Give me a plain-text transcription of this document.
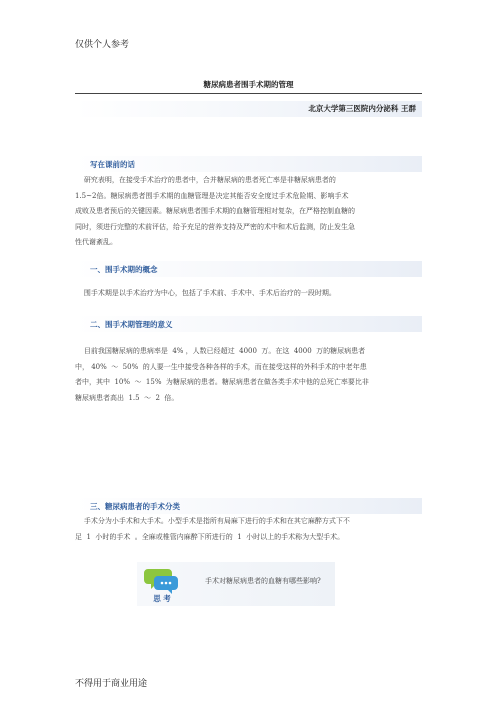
仅供个人参考
糖尿病患者围手术期的管理
北京大学第三医院内分泌科 王群
写在课前的话

研究表明，在接受手术治疗的患者中，合并糖尿病的患者死亡率是非糖尿病患者的
1.5~2倍。糖尿病患者围手术期的血糖管理是决定其能否安全度过手术危险期、影响手术
成败及患者预后的关键因素。糖尿病患者围手术期的血糖管理相对复杂，在严格控制血糖的
同时，须进行完整的术前评估，给予充足的营养支持及严密的术中和术后监测，防止发生急
性代谢紊乱。

一、围手术期的概念

围手术期是以手术治疗为中心，包括了手术前、手术中、手术后治疗的一段时期。

二、围手术期管理的意义

目前我国糖尿病的患病率是  4% ，人数已经超过  4000  万。在这  4000  万的糖尿病患者
中， 40%  ～  50%  的人要一生中接受各种各样的手术，而在接受这样的外科手术的中老年患
者中，其中  10%  ～  15%  为糖尿病的患者。糖尿病患者在做各类手术中他的总死亡率要比非
糖尿病患者高出  1.5  ～  2  倍。

三、糖尿病患者的手术分类

手术分为小手术和大手术。小型手术是指所有局麻下进行的手术和在其它麻醉方式下不
足  1  小时的手术  。全麻或椎管内麻醉下所进行的  1  小时以上的手术称为大型手术。

思 考
手术对糖尿病患者的血糖有哪些影响?
不得用于商业用途
